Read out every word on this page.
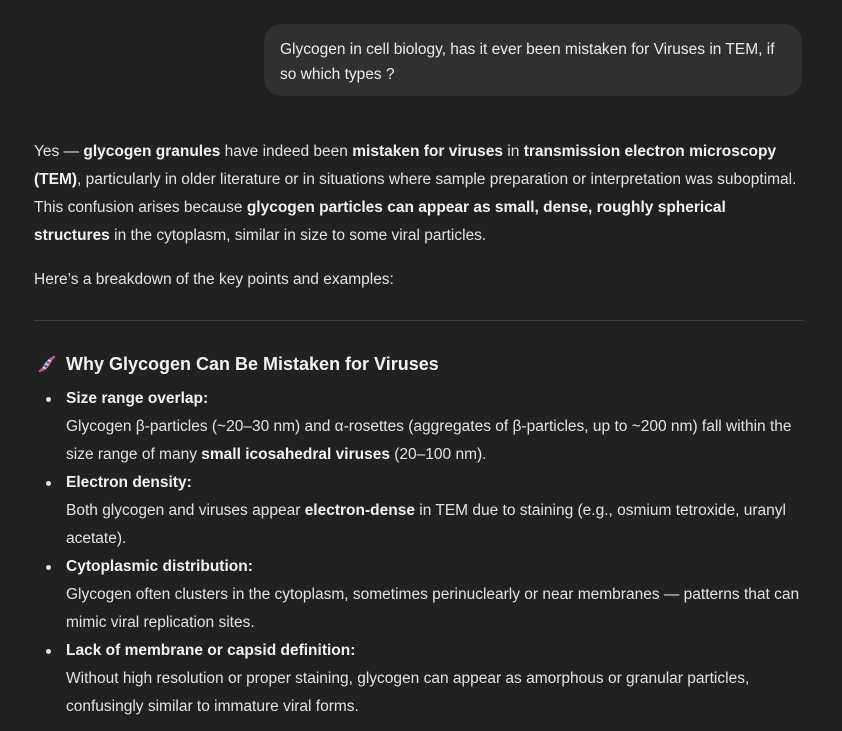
Glycogen in cell biology, has it ever been mistaken for Viruses in TEM, if so which types ?

Yes — glycogen granules have indeed been mistaken for viruses in transmission electron microscopy (TEM), particularly in older literature or in situations where sample preparation or interpretation was suboptimal. This confusion arises because glycogen particles can appear as small, dense, roughly spherical structures in the cytoplasm, similar in size to some viral particles.

Here’s a breakdown of the key points and examples:

Why Glycogen Can Be Mistaken for Viruses
Size range overlap:
Glycogen β-particles (~20–30 nm) and α-rosettes (aggregates of β-particles, up to ~200 nm) fall within the size range of many small icosahedral viruses (20–100 nm).
Electron density:
Both glycogen and viruses appear electron-dense in TEM due to staining (e.g., osmium tetroxide, uranyl acetate).
Cytoplasmic distribution:
Glycogen often clusters in the cytoplasm, sometimes perinuclearly or near membranes — patterns that can mimic viral replication sites.
Lack of membrane or capsid definition:
Without high resolution or proper staining, glycogen can appear as amorphous or granular particles, confusingly similar to immature viral forms.
